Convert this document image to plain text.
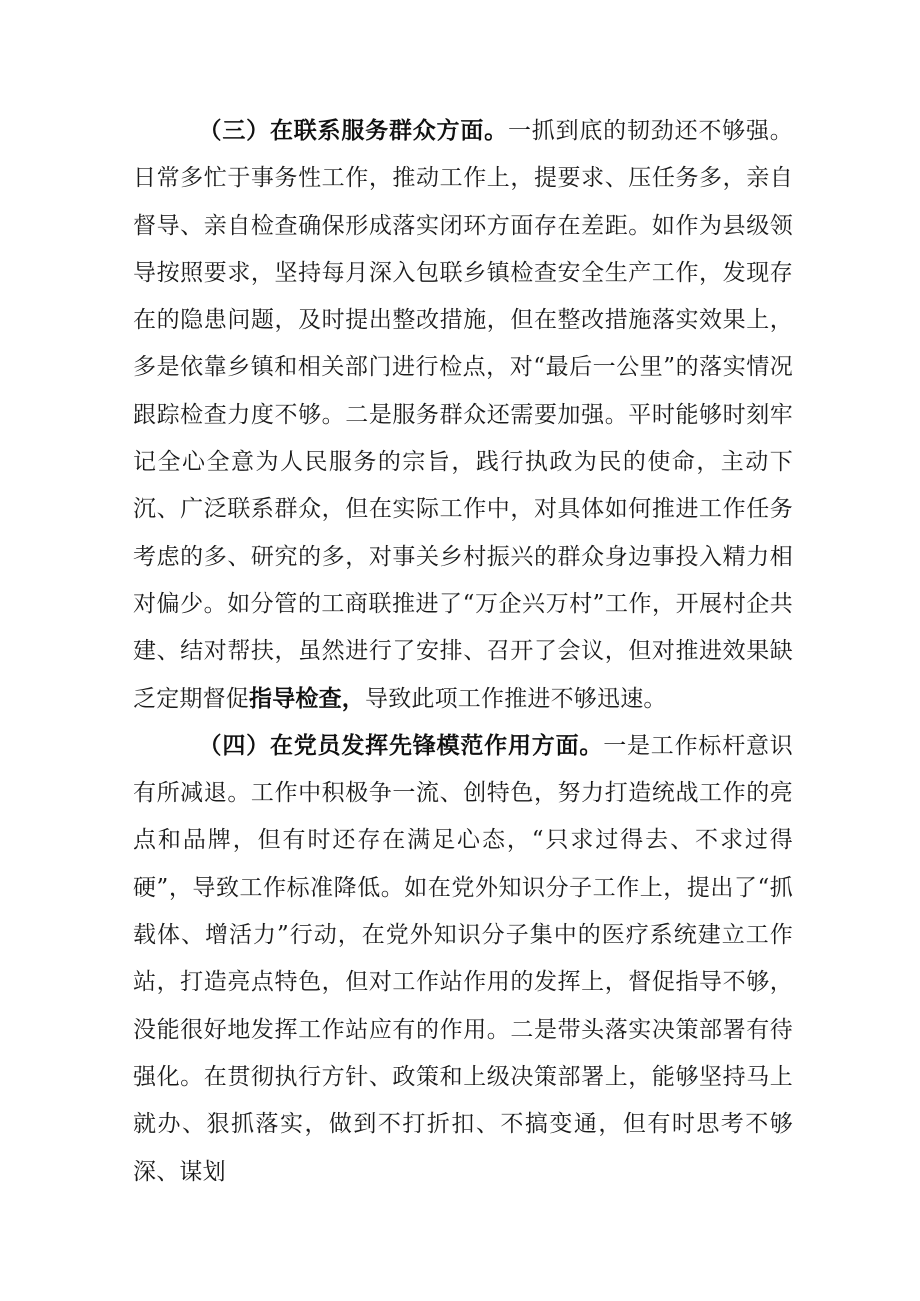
（三）在联系服务群众方面。一抓到底的韧劲还不够强。日常多忙于事务性工作，推动工作上，提要求、压任务多，亲自督导、亲自检查确保形成落实闭环方面存在差距。如作为县级领导按照要求，坚持每月深入包联乡镇检查安全生产工作，发现存在的隐患问题，及时提出整改措施，但在整改措施落实效果上，多是依靠乡镇和相关部门进行检点，对“最后一公里”的落实情况跟踪检查力度不够。二是服务群众还需要加强。平时能够时刻牢记全心全意为人民服务的宗旨，践行执政为民的使命，主动下沉、广泛联系群众，但在实际工作中，对具体如何推进工作任务考虑的多、研究的多，对事关乡村振兴的群众身边事投入精力相对偏少。如分管的工商联推进了“万企兴万村”工作，开展村企共建、结对帮扶，虽然进行了安排、召开了会议，但对推进效果缺乏定期督促指导检查，导致此项工作推进不够迅速。

（四）在党员发挥先锋模范作用方面。一是工作标杆意识有所减退。工作中积极争一流、创特色，努力打造统战工作的亮点和品牌，但有时还存在满足心态，“只求过得去、不求过得硬”，导致工作标准降低。如在党外知识分子工作上，提出了“抓载体、增活力”行动，在党外知识分子集中的医疗系统建立工作站，打造亮点特色，但对工作站作用的发挥上，督促指导不够，没能很好地发挥工作站应有的作用。二是带头落实决策部署有待强化。在贯彻执行方针、政策和上级决策部署上，能够坚持马上就办、狠抓落实，做到不打折扣、不搞变通，但有时思考不够深、谋划
